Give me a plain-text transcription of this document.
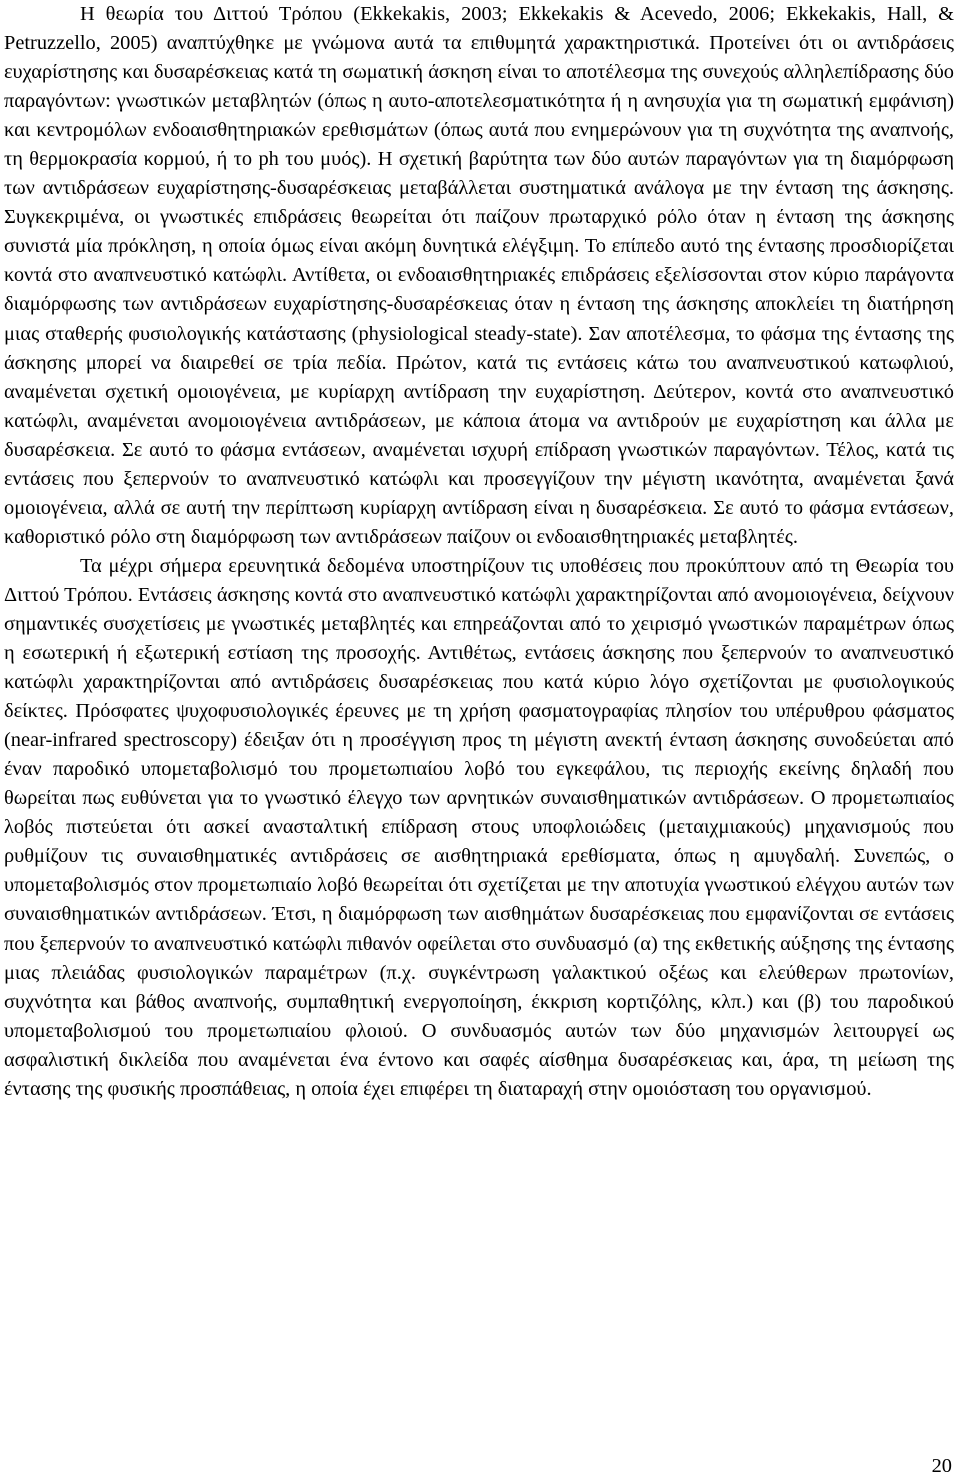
Η θεωρία του Διττού Τρόπου (Ekkekakis, 2003; Ekkekakis & Acevedo, 2006; Ekkekakis, Hall, & Petruzzello, 2005) αναπτύχθηκε με γνώμονα αυτά τα επιθυμητά χαρακτηριστικά. Προτείνει ότι οι αντιδράσεις ευχαρίστησης και δυσαρέσκειας κατά τη σωματική άσκηση είναι το αποτέλεσμα της συνεχούς αλληλεπίδρασης δύο παραγόντων: γνωστικών μεταβλητών (όπως η αυτο-αποτελεσματικότητα ή η ανησυχία για τη σωματική εμφάνιση) και κεντρομόλων ενδοαισθητηριακών ερεθισμάτων (όπως αυτά που ενημερώνουν για τη συχνότητα της αναπνοής, τη θερμοκρασία κορμού, ή το ph του μυός). Η σχετική βαρύτητα των δύο αυτών παραγόντων για τη διαμόρφωση των αντιδράσεων ευχαρίστησης-δυσαρέσκειας μεταβάλλεται συστηματικά ανάλογα με την ένταση της άσκησης. Συγκεκριμένα, οι γνωστικές επιδράσεις θεωρείται ότι παίζουν πρωταρχικό ρόλο όταν η ένταση της άσκησης συνιστά μία πρόκληση, η οποία όμως είναι ακόμη δυνητικά ελέγξιμη. Το επίπεδο αυτό της έντασης προσδιορίζεται κοντά στο αναπνευστικό κατώφλι. Αντίθετα, οι ενδοαισθητηριακές επιδράσεις εξελίσσονται στον κύριο παράγοντα διαμόρφωσης των αντιδράσεων ευχαρίστησης-δυσαρέσκειας όταν η ένταση της άσκησης αποκλείει τη διατήρηση μιας σταθερής φυσιολογικής κατάστασης (physiological steady-state). Σαν αποτέλεσμα, το φάσμα της έντασης της άσκησης μπορεί να διαιρεθεί σε τρία πεδία. Πρώτον, κατά τις εντάσεις κάτω του αναπνευστικού κατωφλιού, αναμένεται σχετική ομοιογένεια, με κυρίαρχη αντίδραση την ευχαρίστηση. Δεύτερον, κοντά στο αναπνευστικό κατώφλι, αναμένεται ανομοιογένεια αντιδράσεων, με κάποια άτομα να αντιδρούν με ευχαρίστηση και άλλα με δυσαρέσκεια. Σε αυτό το φάσμα εντάσεων, αναμένεται ισχυρή επίδραση γνωστικών παραγόντων. Τέλος, κατά τις εντάσεις που ξεπερνούν το αναπνευστικό κατώφλι και προσεγγίζουν την μέγιστη ικανότητα, αναμένεται ξανά ομοιογένεια, αλλά σε αυτή την περίπτωση κυρίαρχη αντίδραση είναι η δυσαρέσκεια. Σε αυτό το φάσμα εντάσεων, καθοριστικό ρόλο στη διαμόρφωση των αντιδράσεων παίζουν οι ενδοαισθητηριακές μεταβλητές.

Τα μέχρι σήμερα ερευνητικά δεδομένα υποστηρίζουν τις υποθέσεις που προκύπτουν από τη Θεωρία του Διττού Τρόπου. Εντάσεις άσκησης κοντά στο αναπνευστικό κατώφλι χαρακτηρίζονται από ανομοιογένεια, δείχνουν σημαντικές συσχετίσεις με γνωστικές μεταβλητές και επηρεάζονται από το χειρισμό γνωστικών παραμέτρων όπως η εσωτερική ή εξωτερική εστίαση της προσοχής. Αντιθέτως, εντάσεις άσκησης που ξεπερνούν το αναπνευστικό κατώφλι χαρακτηρίζονται από αντιδράσεις δυσαρέσκειας που κατά κύριο λόγο σχετίζονται με φυσιολογικούς δείκτες. Πρόσφατες ψυχοφυσιολογικές έρευνες με τη χρήση φασματογραφίας πλησίον του υπέρυθρου φάσματος (near-infrared spectroscopy) έδειξαν ότι η προσέγγιση προς τη μέγιστη ανεκτή ένταση άσκησης συνοδεύεται από έναν παροδικό υπομεταβολισμό του προμετωπιαίου λοβό του εγκεφάλου, τις περιοχής εκείνης δηλαδή που θωρείται πως ευθύνεται για το γνωστικό έλεγχο των αρνητικών συναισθηματικών αντιδράσεων. Ο προμετωπιαίος λοβός πιστεύεται ότι ασκεί ανασταλτική επίδραση στους υποφλοιώδεις (μεταιχμιακούς) μηχανισμούς που ρυθμίζουν τις συναισθηματικές αντιδράσεις σε αισθητηριακά ερεθίσματα, όπως η αμυγδαλή. Συνεπώς, ο υπομεταβολισμός στον προμετωπιαίο λοβό θεωρείται ότι σχετίζεται με την αποτυχία γνωστικού ελέγχου αυτών των συναισθηματικών αντιδράσεων. Έτσι, η διαμόρφωση των αισθημάτων δυσαρέσκειας που εμφανίζονται σε εντάσεις που ξεπερνούν το αναπνευστικό κατώφλι πιθανόν οφείλεται στο συνδυασμό (α) της εκθετικής αύξησης της έντασης μιας πλειάδας φυσιολογικών παραμέτρων (π.χ. συγκέντρωση γαλακτικού οξέως και ελεύθερων πρωτονίων, συχνότητα και βάθος αναπνοής, συμπαθητική ενεργοποίηση, έκκριση κορτιζόλης, κλπ.) και (β) του παροδικού υπομεταβολισμού του προμετωπιαίου φλοιού. Ο συνδυασμός αυτών των δύο μηχανισμών λειτουργεί ως ασφαλιστική δικλείδα που αναμένεται ένα έντονο και σαφές αίσθημα δυσαρέσκειας και, άρα, τη μείωση της έντασης της φυσικής προσπάθειας, η οποία έχει επιφέρει τη διαταραχή στην ομοιόσταση του οργανισμού.

20
